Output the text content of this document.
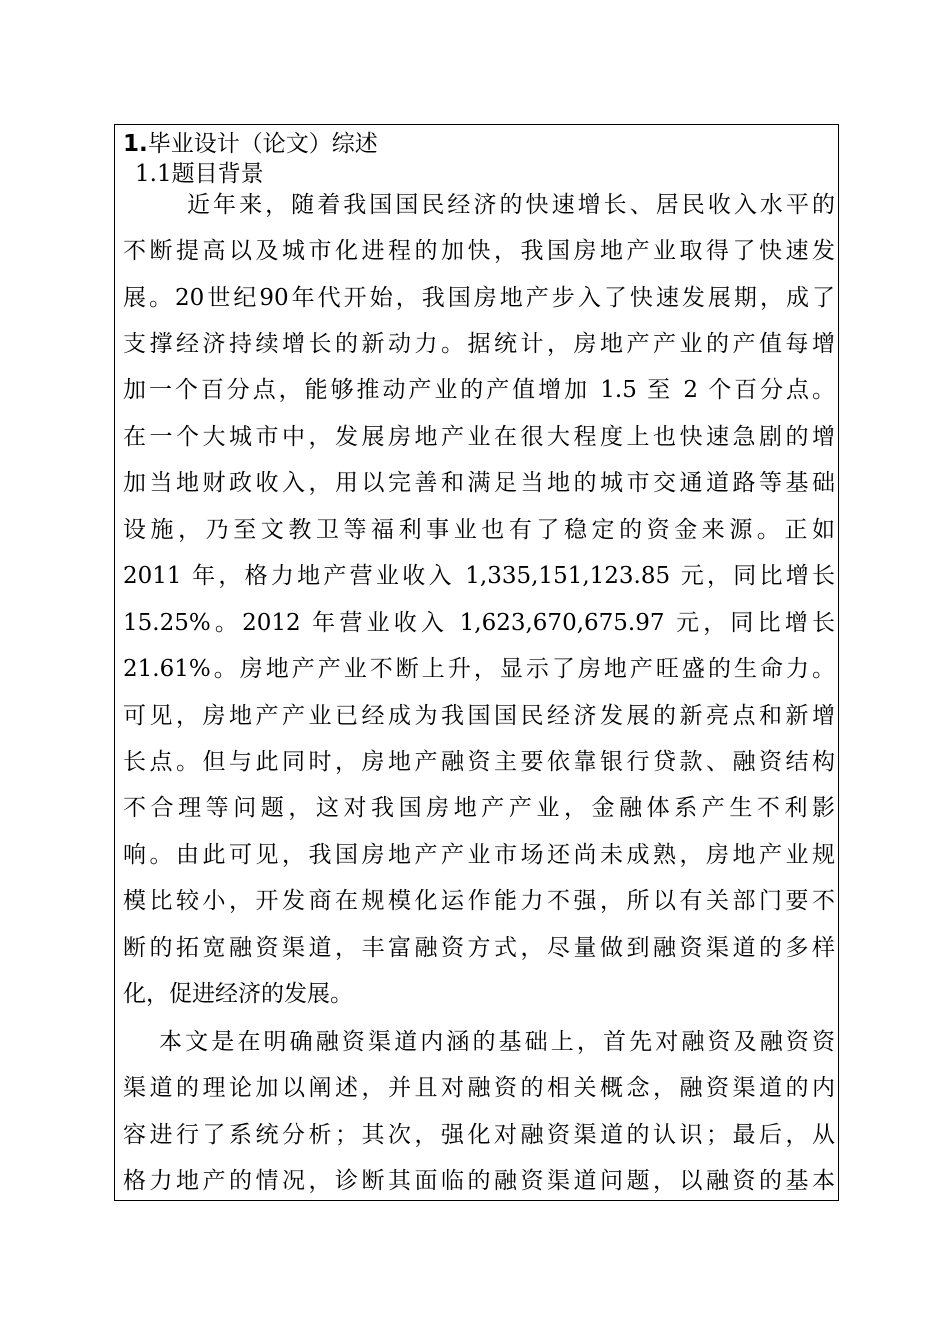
1.毕业设计（论文）综述
1.1题目背景
近年来，随着我国国民经济的快速增长、居民收入水平的
不断提高以及城市化进程的加快，我国房地产业取得了快速发
展。20世纪90年代开始，我国房地产步入了快速发展期，成了
支撑经济持续增长的新动力。据统计，房地产产业的产值每增
加一个百分点，能够推动产业的产值增加 1.5 至 2 个百分点。
在一个大城市中，发展房地产业在很大程度上也快速急剧的增
加当地财政收入，用以完善和满足当地的城市交通道路等基础
设施，乃至文教卫等福利事业也有了稳定的资金来源。正如
2011 年，格力地产营业收入 1,335,151,123.85 元，同比增长
15.25%。2012 年营业收入 1,623,670,675.97 元，同比增长
21.61%。房地产产业不断上升，显示了房地产旺盛的生命力。
可见，房地产产业已经成为我国国民经济发展的新亮点和新增
长点。但与此同时，房地产融资主要依靠银行贷款、融资结构
不合理等问题，这对我国房地产产业，金融体系产生不利影
响。由此可见，我国房地产产业市场还尚未成熟，房地产业规
模比较小，开发商在规模化运作能力不强，所以有关部门要不
断的拓宽融资渠道，丰富融资方式，尽量做到融资渠道的多样
化，促进经济的发展。
本文是在明确融资渠道内涵的基础上，首先对融资及融资资
渠道的理论加以阐述，并且对融资的相关概念，融资渠道的内
容进行了系统分析；其次，强化对融资渠道的认识；最后，从
格力地产的情况，诊断其面临的融资渠道问题，以融资的基本
